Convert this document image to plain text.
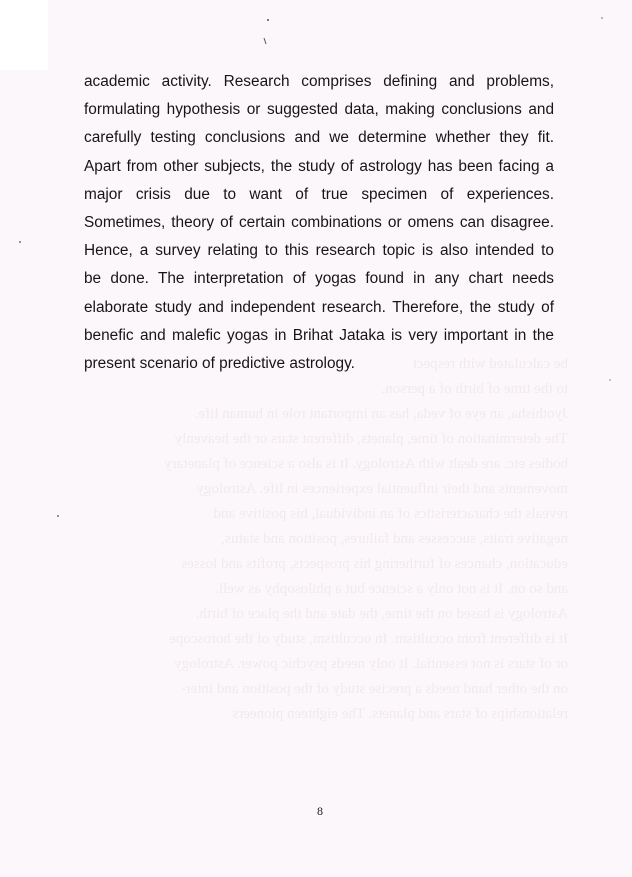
be calculated with respect
to the time of birth of a person.
Jyothisha, an eye of veda, has an important role in human life.
The determination of time, planets, different stars or the heavenly
bodies etc. are dealt with Astrology. It is also a science of planetary
movements and their influential experiences in life. Astrology
reveals the characteristics of an individual, his positive and
negative traits, successes and failures, position and status,
education, chances of furthering his prospects, profits and losses
and so on. It is not only a science but a philosophy as well.
Astrology is based on the time, the date and the place of birth.
It is different from occultism. In occultism, study of the horoscope
or of stars is not essential. It only needs psychic power. Astrology
on the other hand needs a precise study of the position and inter-
relationships of stars and planets. The eighteen pioneers
academic activity. Research comprises defining and problems,
formulating hypothesis or suggested data, making conclusions and
carefully testing conclusions and we determine whether they fit.
Apart from other subjects, the study of astrology has been facing a
major crisis due to want of true specimen of experiences.
Sometimes, theory of certain combinations or omens can disagree.
Hence, a survey relating to this research topic is also intended to
be done. The interpretation of yogas found in any chart needs
elaborate study and independent research. Therefore, the study of
benefic and malefic yogas in Brihat Jataka is very important in the
present scenario of predictive astrology.
8
